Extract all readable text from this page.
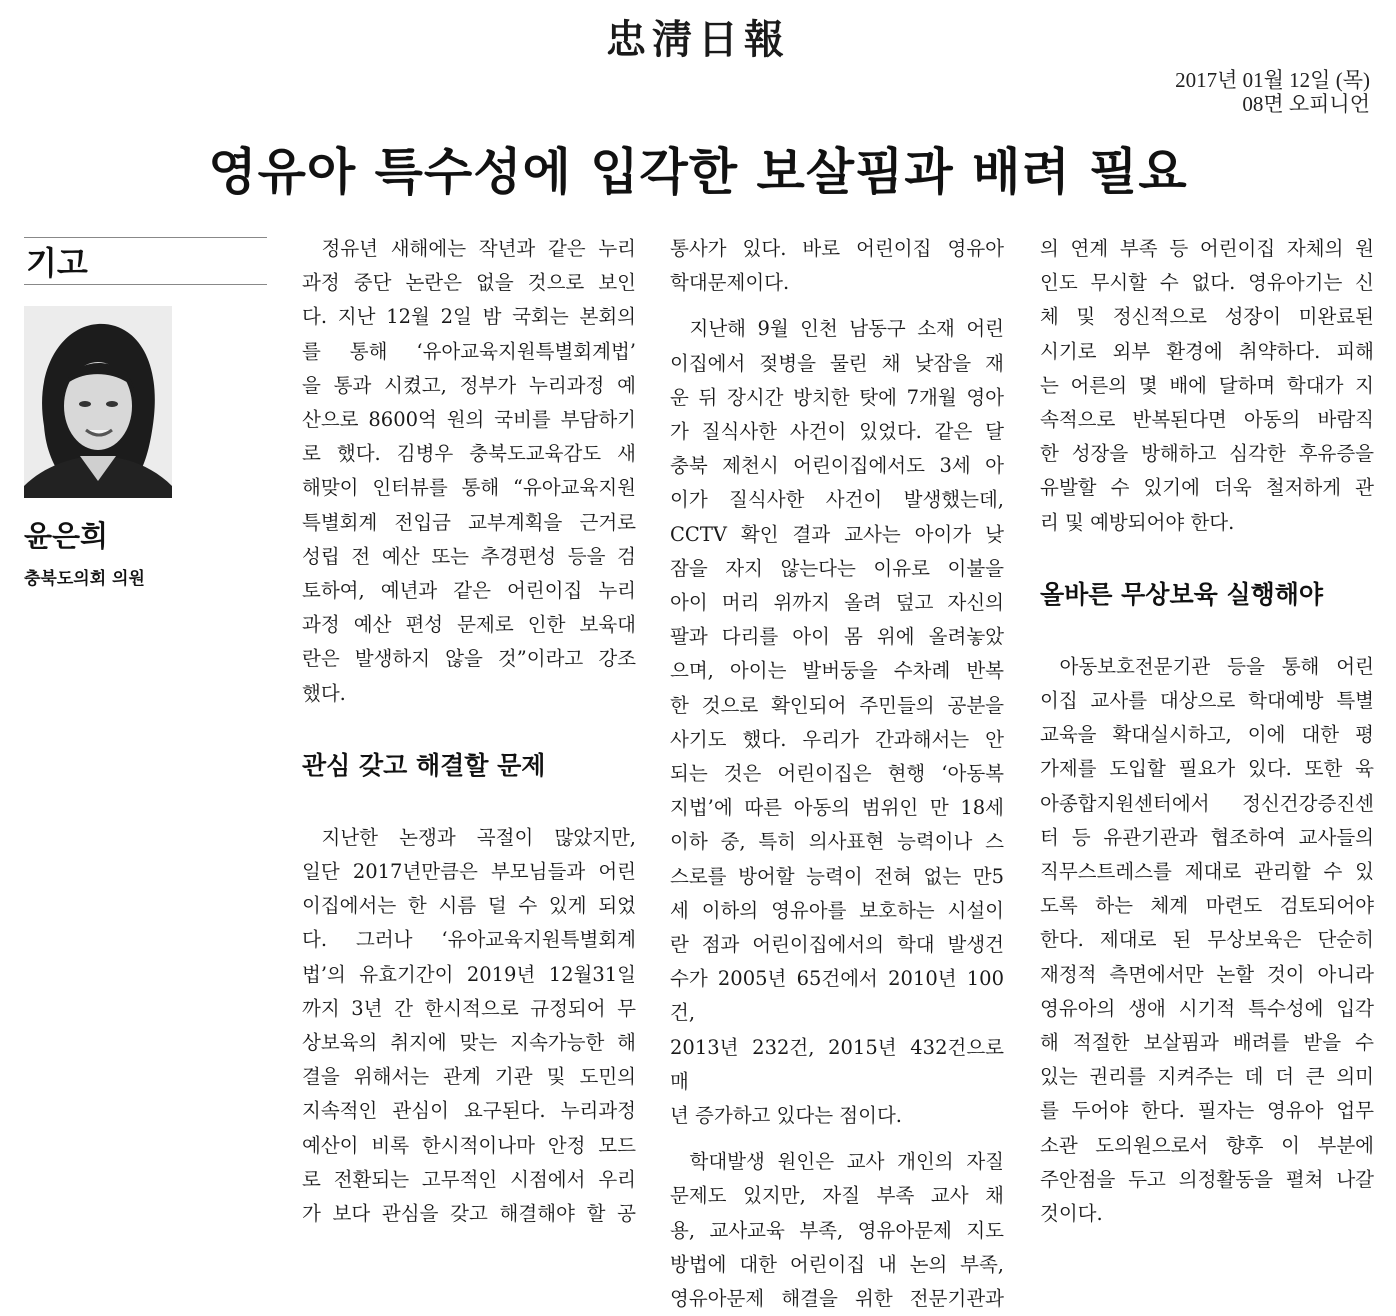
忠淸日報
2017년 01월 12일 (목)
08면 오피니언
영유아 특수성에 입각한 보살핌과 배려 필요
기고
윤은희
충북도의회 의원

정유년 새해에는 작년과 같은 누리

과정 중단 논란은 없을 것으로 보인

다. 지난 12월 2일 밤 국회는 본회의

를 통해 ‘유아교육지원특별회계법’

을 통과 시켰고, 정부가 누리과정 예

산으로 8600억 원의 국비를 부담하기

로 했다. 김병우 충북도교육감도 새

해맞이 인터뷰를 통해 “유아교육지원

특별회계 전입금 교부계획을 근거로

성립 전 예산 또는 추경편성 등을 검

토하여, 예년과 같은 어린이집 누리

과정 예산 편성 문제로 인한 보육대

란은 발생하지 않을 것”이라고 강조

했다.

관심 갖고 해결할 문제

지난한 논쟁과 곡절이 많았지만,

일단 2017년만큼은 부모님들과 어린

이집에서는 한 시름 덜 수 있게 되었

다. 그러나 ‘유아교육지원특별회계

법’의 유효기간이 2019년 12월31일

까지 3년 간 한시적으로 규정되어 무

상보육의 취지에 맞는 지속가능한 해

결을 위해서는 관계 기관 및 도민의

지속적인 관심이 요구된다. 누리과정

예산이 비록 한시적이나마 안정 모드

로 전환되는 고무적인 시점에서 우리

가 보다 관심을 갖고 해결해야 할 공

통사가 있다. 바로 어린이집 영유아

학대문제이다.

지난해 9월 인천 남동구 소재 어린

이집에서 젖병을 물린 채 낮잠을 재

운 뒤 장시간 방치한 탓에 7개월 영아

가 질식사한 사건이 있었다. 같은 달

충북 제천시 어린이집에서도 3세 아

이가 질식사한 사건이 발생했는데,

CCTV 확인 결과 교사는 아이가 낮

잠을 자지 않는다는 이유로 이불을

아이 머리 위까지 올려 덮고 자신의

팔과 다리를 아이 몸 위에 올려놓았

으며, 아이는 발버둥을 수차례 반복

한 것으로 확인되어 주민들의 공분을

사기도 했다. 우리가 간과해서는 안

되는 것은 어린이집은 현행 ‘아동복

지법’에 따른 아동의 범위인 만 18세

이하 중, 특히 의사표현 능력이나 스

스로를 방어할 능력이 전혀 없는 만5

세 이하의 영유아를 보호하는 시설이

란 점과 어린이집에서의 학대 발생건

수가 2005년 65건에서 2010년 100건,

2013년 232건, 2015년 432건으로 매

년 증가하고 있다는 점이다.

학대발생 원인은 교사 개인의 자질

문제도 있지만, 자질 부족 교사 채

용, 교사교육 부족, 영유아문제 지도

방법에 대한 어린이집 내 논의 부족,

영유아문제 해결을 위한 전문기관과

의 연계 부족 등 어린이집 자체의 원

인도 무시할 수 없다. 영유아기는 신

체 및 정신적으로 성장이 미완료된

시기로 외부 환경에 취약하다. 피해

는 어른의 몇 배에 달하며 학대가 지

속적으로 반복된다면 아동의 바람직

한 성장을 방해하고 심각한 후유증을

유발할 수 있기에 더욱 철저하게 관

리 및 예방되어야 한다.

올바른 무상보육 실행해야

아동보호전문기관 등을 통해 어린

이집 교사를 대상으로 학대예방 특별

교육을 확대실시하고, 이에 대한 평

가제를 도입할 필요가 있다. 또한 육

아종합지원센터에서 정신건강증진센

터 등 유관기관과 협조하여 교사들의

직무스트레스를 제대로 관리할 수 있

도록 하는 체계 마련도 검토되어야

한다. 제대로 된 무상보육은 단순히

재정적 측면에서만 논할 것이 아니라

영유아의 생애 시기적 특수성에 입각

해 적절한 보살핌과 배려를 받을 수

있는 권리를 지켜주는 데 더 큰 의미

를 두어야 한다. 필자는 영유아 업무

소관 도의원으로서 향후 이 부분에

주안점을 두고 의정활동을 펼쳐 나갈

것이다.
